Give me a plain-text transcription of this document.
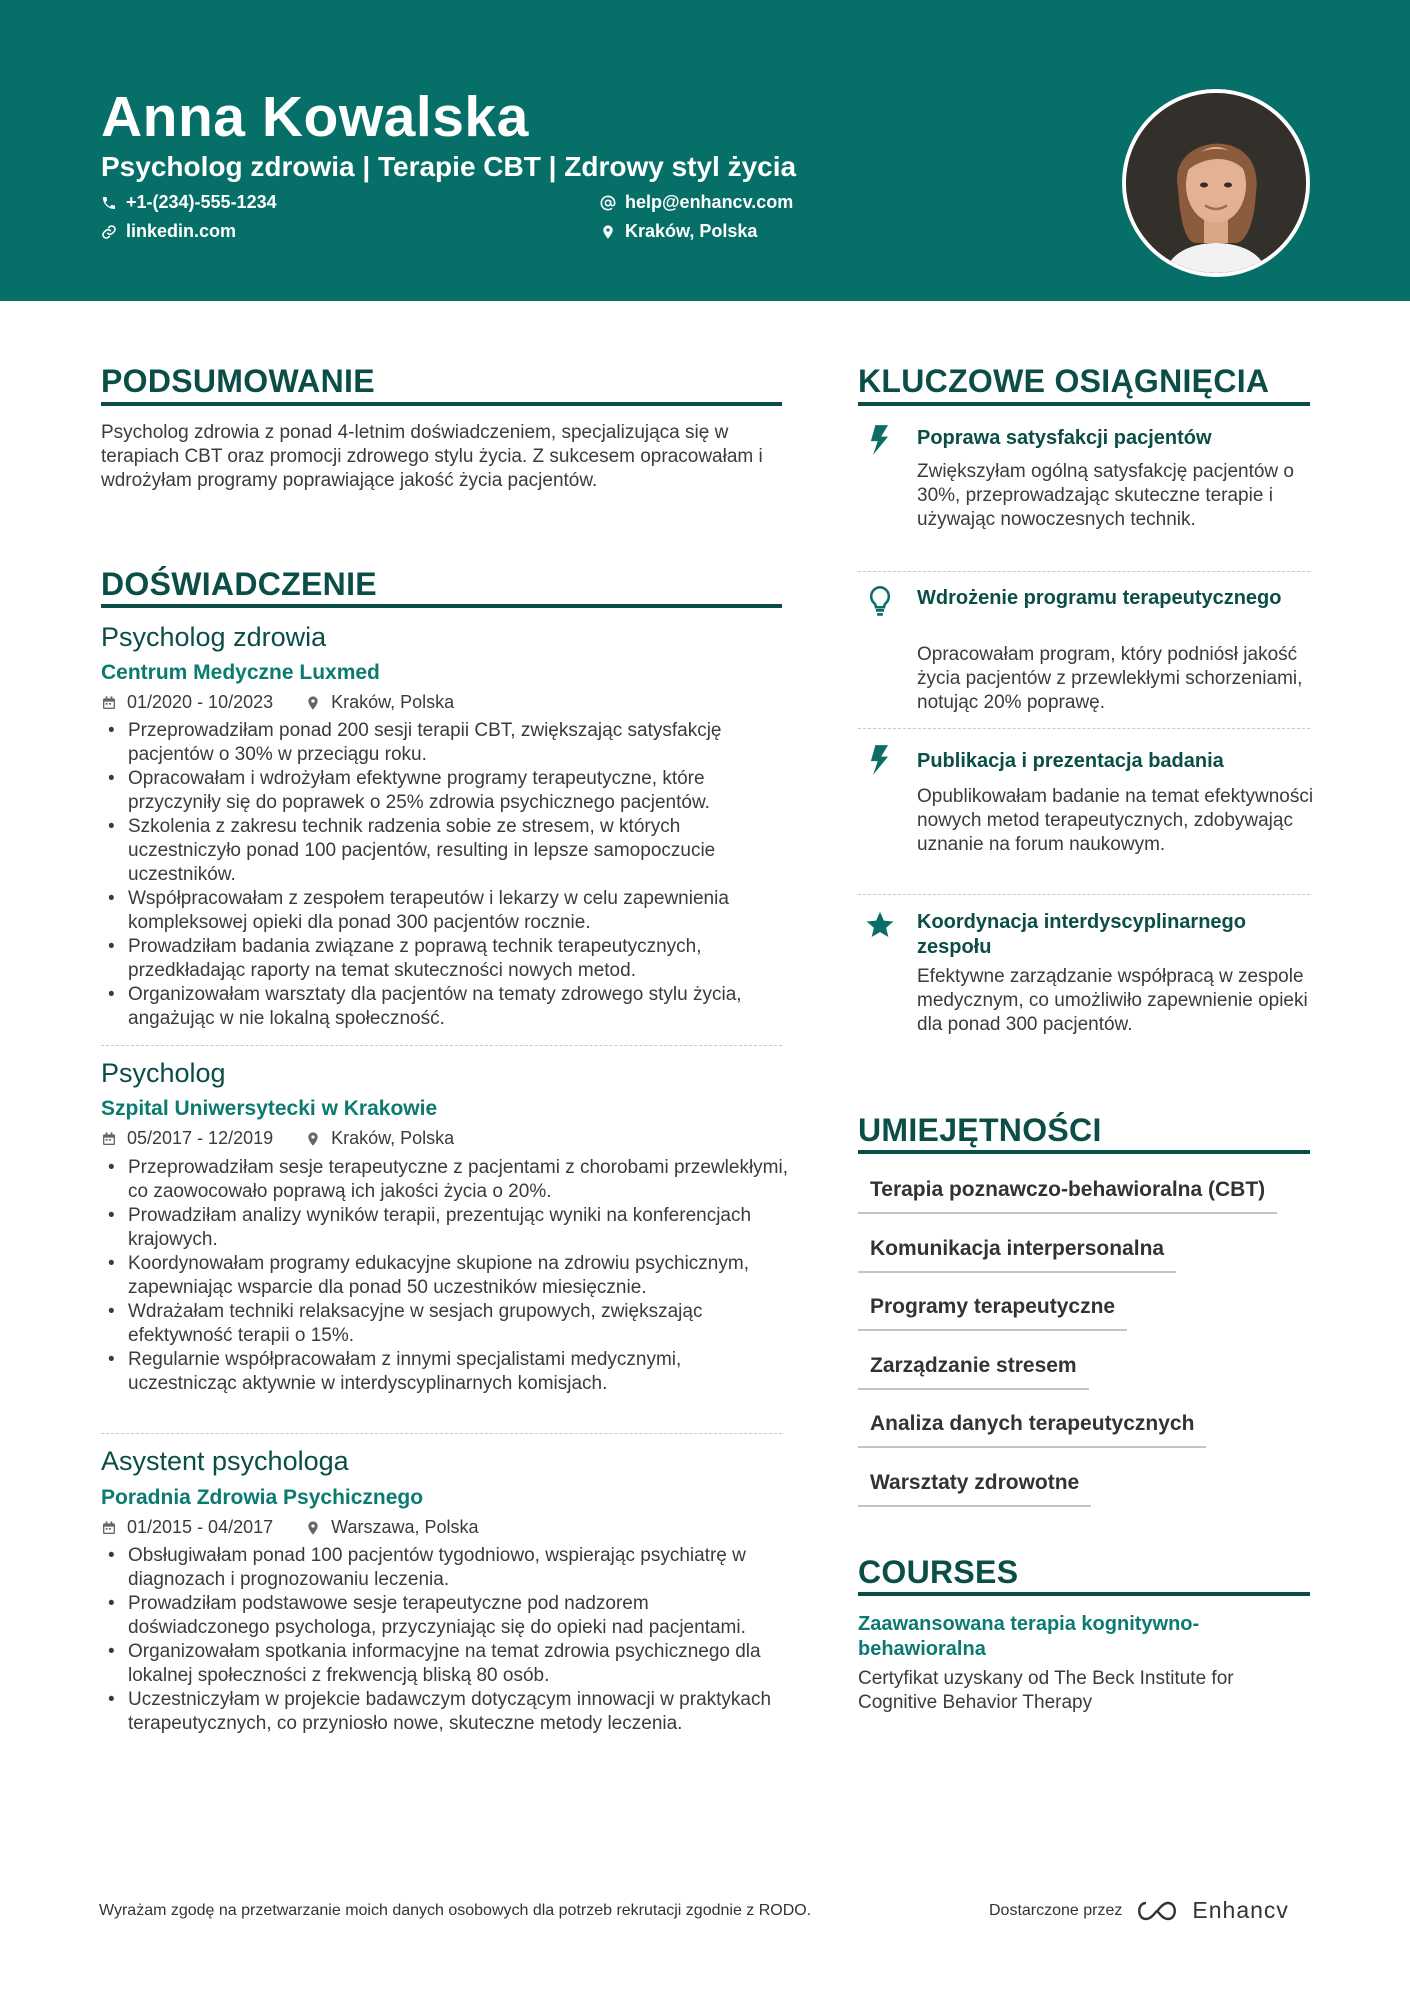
Anna Kowalska
Psycholog zdrowia | Terapie CBT | Zdrowy styl życia
+1-(234)-555-1234	help@enhancv.com
linkedin.com	Kraków, Polska
PODSUMOWANIE
Psycholog zdrowia z ponad 4-letnim doświadczeniem, specjalizująca się w terapiach CBT oraz promocji zdrowego stylu życia. Z sukcesem opracowałam i wdrożyłam programy poprawiające jakość życia pacjentów.
DOŚWIADCZENIE
Psycholog zdrowia
Centrum Medyczne Luxmed
01/2020 - 10/2023	Kraków, Polska
• Przeprowadziłam ponad 200 sesji terapii CBT, zwiększając satysfakcję pacjentów o 30% w przeciągu roku.
• Opracowałam i wdrożyłam efektywne programy terapeutyczne, które przyczyniły się do poprawek o 25% zdrowia psychicznego pacjentów.
• Szkolenia z zakresu technik radzenia sobie ze stresem, w których uczestniczyło ponad 100 pacjentów, resulting in lepsze samopoczucie uczestników.
• Współpracowałam z zespołem terapeutów i lekarzy w celu zapewnienia kompleksowej opieki dla ponad 300 pacjentów rocznie.
• Prowadziłam badania związane z poprawą technik terapeutycznych, przedkładając raporty na temat skuteczności nowych metod.
• Organizowałam warsztaty dla pacjentów na tematy zdrowego stylu życia, angażując w nie lokalną społeczność.
Psycholog
Szpital Uniwersytecki w Krakowie
05/2017 - 12/2019	Kraków, Polska
• Przeprowadziłam sesje terapeutyczne z pacjentami z chorobami przewlekłymi, co zaowocowało poprawą ich jakości życia o 20%.
• Prowadziłam analizy wyników terapii, prezentując wyniki na konferencjach krajowych.
• Koordynowałam programy edukacyjne skupione na zdrowiu psychicznym, zapewniając wsparcie dla ponad 50 uczestników miesięcznie.
• Wdrażałam techniki relaksacyjne w sesjach grupowych, zwiększając efektywność terapii o 15%.
• Regularnie współpracowałam z innymi specjalistami medycznymi, uczestnicząc aktywnie w interdyscyplinarnych komisjach.
Asystent psychologa
Poradnia Zdrowia Psychicznego
01/2015 - 04/2017	Warszawa, Polska
• Obsługiwałam ponad 100 pacjentów tygodniowo, wspierając psychiatrę w diagnozach i prognozowaniu leczenia.
• Prowadziłam podstawowe sesje terapeutyczne pod nadzorem doświadczonego psychologa, przyczyniając się do opieki nad pacjentami.
• Organizowałam spotkania informacyjne na temat zdrowia psychicznego dla lokalnej społeczności z frekwencją bliską 80 osób.
• Uczestniczyłam w projekcie badawczym dotyczącym innowacji w praktykach terapeutycznych, co przyniosło nowe, skuteczne metody leczenia.
KLUCZOWE OSIĄGNIĘCIA
Poprawa satysfakcji pacjentów
Zwiększyłam ogólną satysfakcję pacjentów o 30%, przeprowadzając skuteczne terapie i używając nowoczesnych technik.
Wdrożenie programu terapeutycznego
Opracowałam program, który podniósł jakość życia pacjentów z przewlekłymi schorzeniami, notując 20% poprawę.
Publikacja i prezentacja badania
Opublikowałam badanie na temat efektywności nowych metod terapeutycznych, zdobywając uznanie na forum naukowym.
Koordynacja interdyscyplinarnego zespołu
Efektywne zarządzanie współpracą w zespole medycznym, co umożliwiło zapewnienie opieki dla ponad 300 pacjentów.
UMIEJĘTNOŚCI
Terapia poznawczo-behawioralna (CBT)
Komunikacja interpersonalna
Programy terapeutyczne
Zarządzanie stresem
Analiza danych terapeutycznych
Warsztaty zdrowotne
COURSES
Zaawansowana terapia kognitywno-behawioralna
Certyfikat uzyskany od The Beck Institute for Cognitive Behavior Therapy
Wyrażam zgodę na przetwarzanie moich danych osobowych dla potrzeb rekrutacji zgodnie z RODO.	Dostarczone przez	Enhancv
